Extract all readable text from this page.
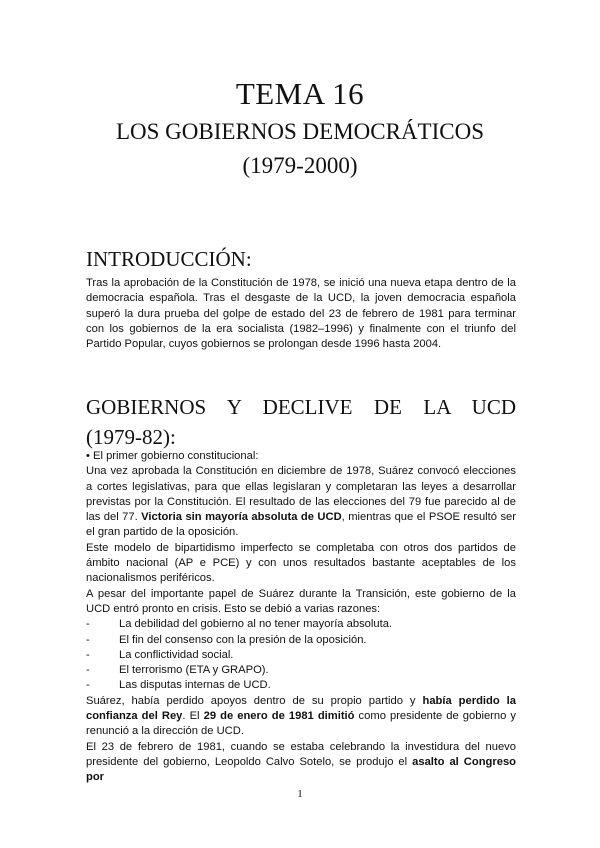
TEMA 16
LOS GOBIERNOS DEMOCRÁTICOS
(1979-2000)
INTRODUCCIÓN:

Tras la aprobación de la Constitución de 1978, se inició una nueva etapa dentro de la democracia española. Tras el desgaste de la UCD, la joven democracia española superó la dura prueba del golpe de estado del 23 de febrero de 1981 para terminar con los gobiernos de la era socialista (1982–1996) y finalmente con el triunfo del Partido Popular, cuyos gobiernos se prolongan desde 1996 hasta 2004.

GOBIERNOS Y DECLIVE DE LA UCD
(1979-82):

• El primer gobierno constitucional:

Una vez aprobada la Constitución en diciembre de 1978, Suárez convocó elecciones a cortes legislativas, para que ellas legislaran y completaran las leyes a desarrollar previstas por la Constitución. El resultado de las elecciones del 79 fue parecido al de las del 77. Victoria sin mayoría absoluta de UCD, mientras que el PSOE resultó ser el gran partido de la oposición.

Este modelo de bipartidismo imperfecto se completaba con otros dos partidos de ámbito nacional (AP e PCE) y con unos resultados bastante aceptables de los nacionalismos periféricos.

A pesar del importante papel de Suárez durante la Transición, este gobierno de la UCD entró pronto en crisis. Esto se debió a varias razones:

-	La debilidad del gobierno al no tener mayoría absoluta.
-	El fin del consenso con la presión de la oposición.
-	La conflictividad social.
-	El terrorismo (ETA y GRAPO).
-	Las disputas internas de UCD.

Suárez, había perdido apoyos dentro de su propio partido y había perdido la confianza del Rey. El 29 de enero de 1981 dimitió como presidente de gobierno y renunció a la dirección de UCD.

El 23 de febrero de 1981, cuando se estaba celebrando la investidura del nuevo presidente del gobierno, Leopoldo Calvo Sotelo, se produjo el asalto al Congreso por

1
